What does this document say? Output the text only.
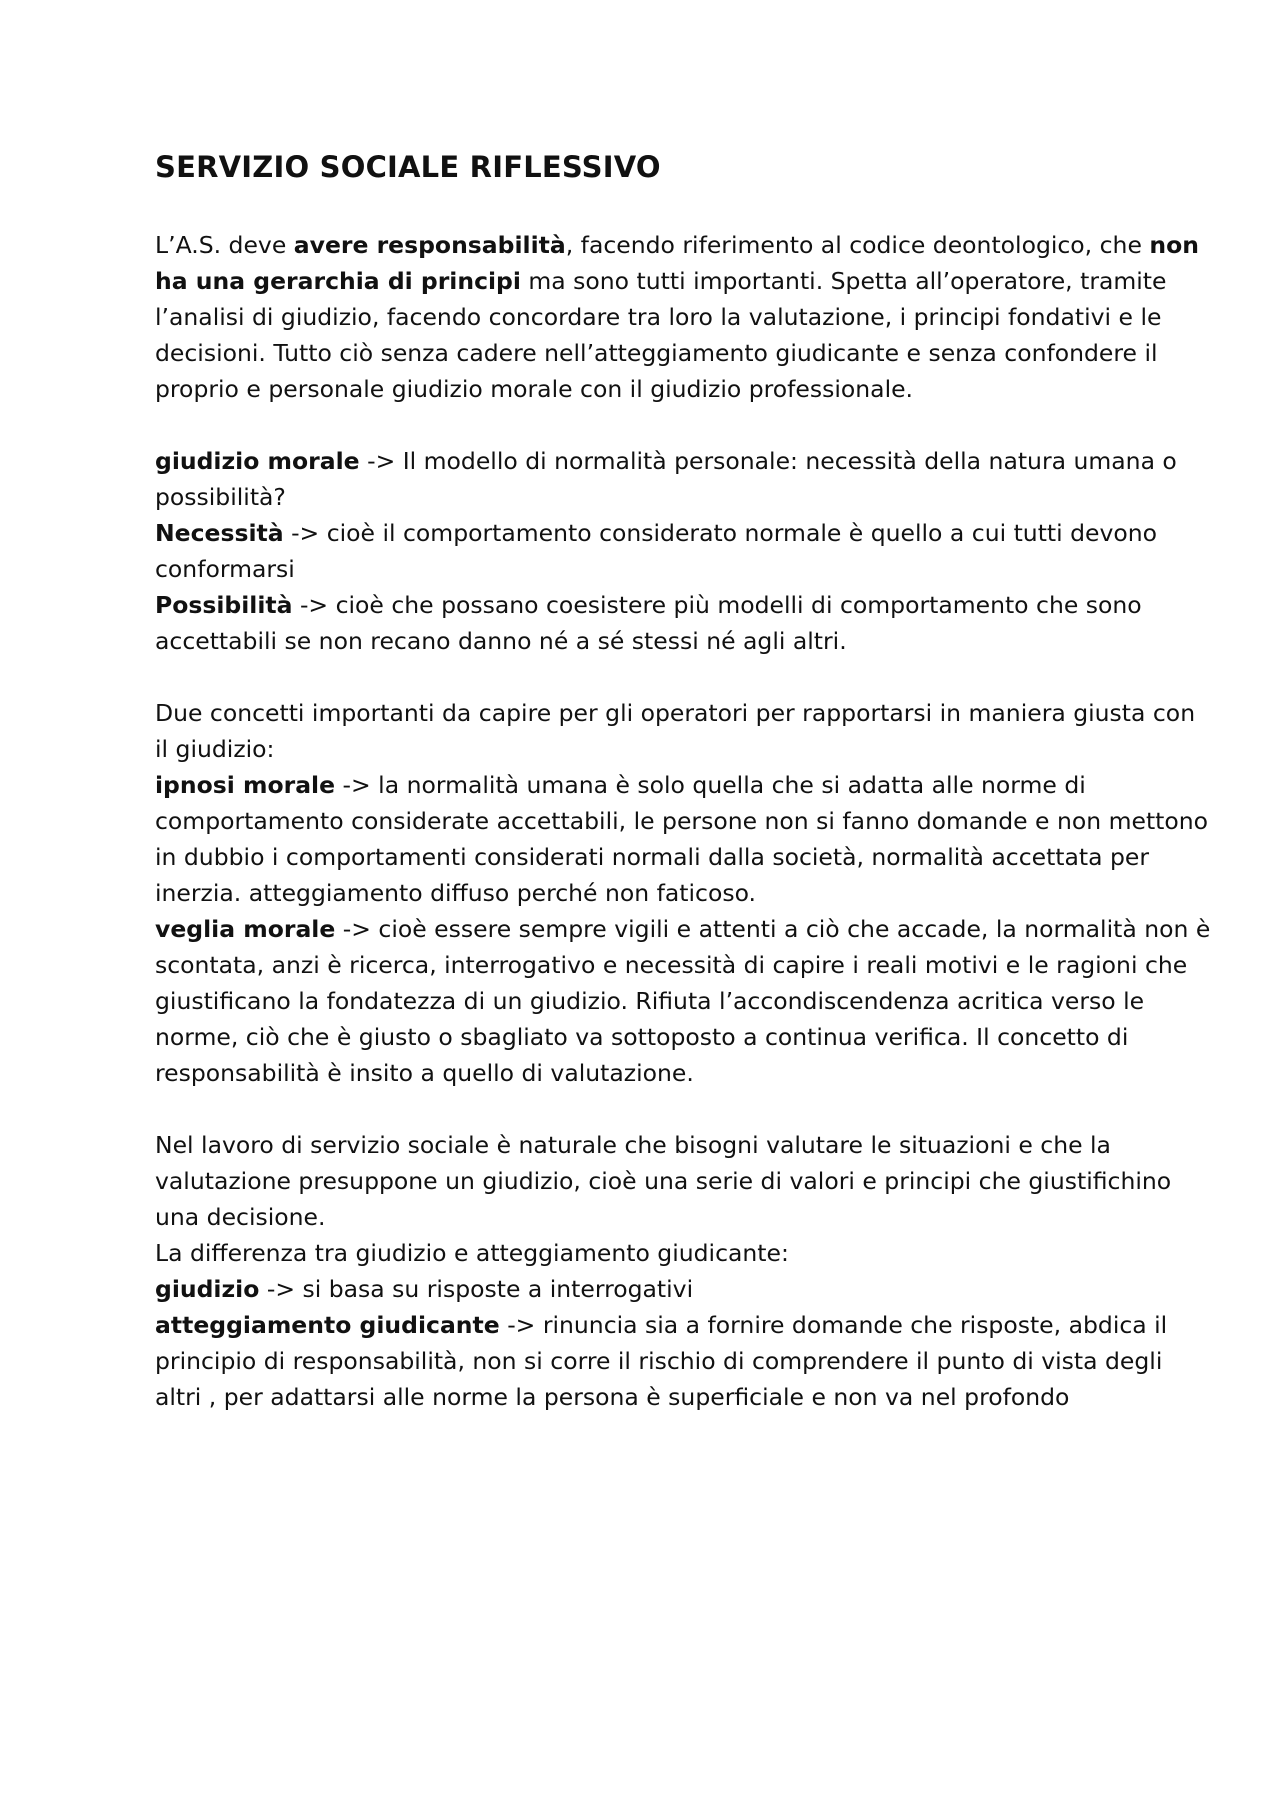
SERVIZIO SOCIALE RIFLESSIVO

L’A.S. deve avere responsabilità, facendo riferimento al codice deontologico, che non ha una gerarchia di principi ma sono tutti importanti. Spetta all’operatore, tramite l’analisi di giudizio, facendo concordare tra loro la valutazione, i principi fondativi e le decisioni. Tutto ciò senza cadere nell’atteggiamento giudicante e senza confondere il proprio e personale giudizio morale con il giudizio professionale.

giudizio morale -> Il modello di normalità personale: necessità della natura umana o possibilità?

Necessità -> cioè il comportamento considerato normale è quello a cui tutti devono conformarsi

Possibilità -> cioè che possano coesistere più modelli di comportamento che sono accettabili se non recano danno né a sé stessi né agli altri.

Due concetti importanti da capire per gli operatori per rapportarsi in maniera giusta con il giudizio:

ipnosi morale -> la normalità umana è solo quella che si adatta alle norme di comportamento considerate accettabili, le persone non si fanno domande e non mettono in dubbio i comportamenti considerati normali dalla società, normalità accettata per inerzia. atteggiamento diffuso perché non faticoso.

veglia morale -> cioè essere sempre vigili e attenti a ciò che accade, la normalità non è scontata, anzi è ricerca, interrogativo e necessità di capire i reali motivi e le ragioni che giustificano la fondatezza di un giudizio. Rifiuta l’accondiscendenza acritica verso le norme, ciò che è giusto o sbagliato va sottoposto a continua verifica. Il concetto di responsabilità è insito a quello di valutazione.

Nel lavoro di servizio sociale è naturale che bisogni valutare le situazioni e che la valutazione presuppone un giudizio, cioè una serie di valori e principi che giustifichino una decisione.

La differenza tra giudizio e atteggiamento giudicante:

giudizio -> si basa su risposte a interrogativi

atteggiamento giudicante -> rinuncia sia a fornire domande che risposte, abdica il principio di responsabilità, non si corre il rischio di comprendere il punto di vista degli altri , per adattarsi alle norme la persona è superficiale e non va nel profondo
